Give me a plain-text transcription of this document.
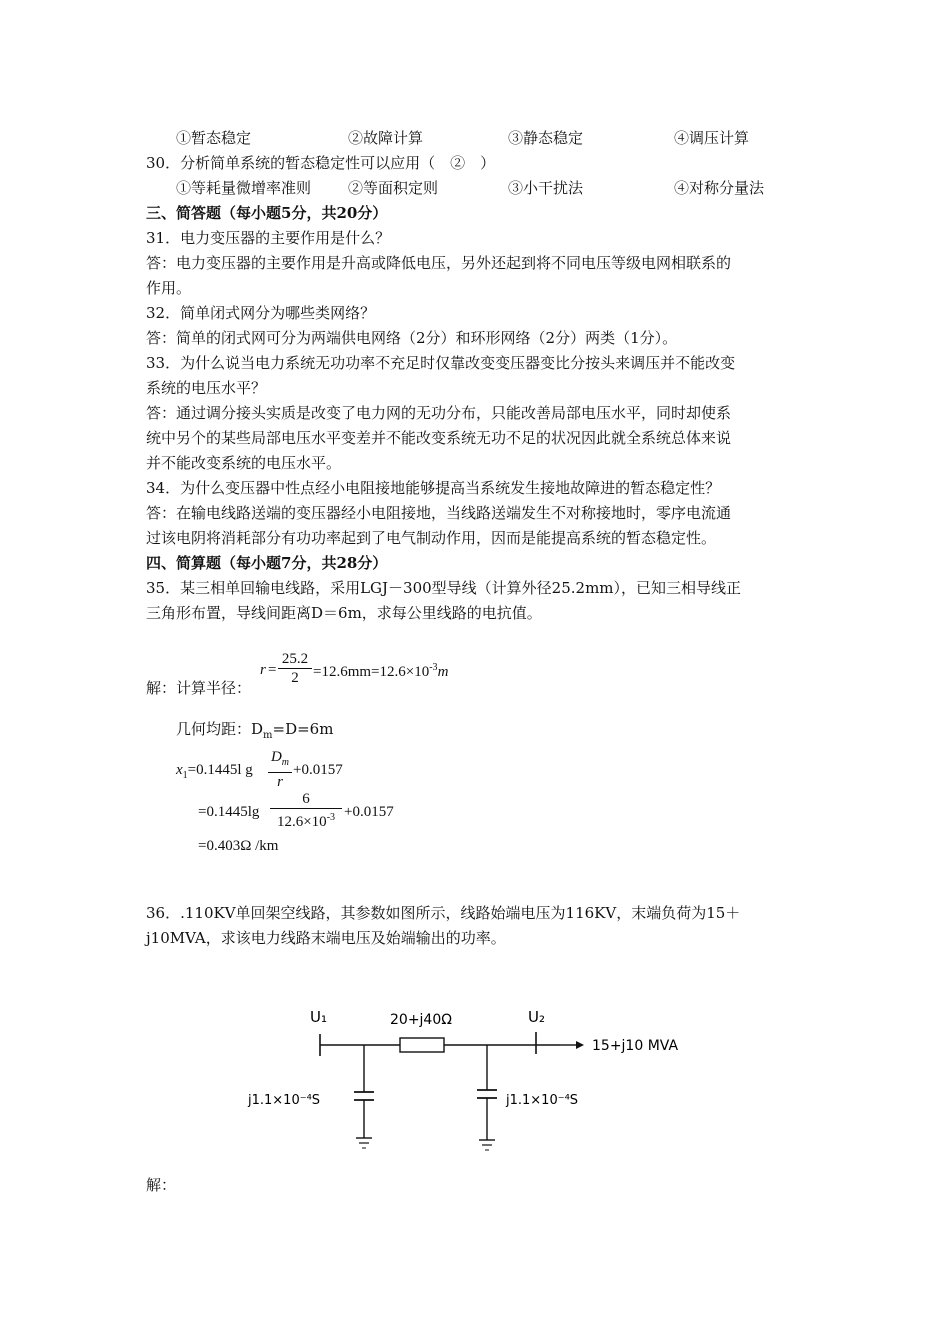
①暂态稳定	②故障计算	③静态稳定	④调压计算
30．分析简单系统的暂态稳定性可以应用（　②　）
①等耗量微增率准则 ②等面积定则	③小干扰法	④对称分量法
三、简答题（每小题5分，共20分）
31．电力变压器的主要作用是什么？
答：电力变压器的主要作用是升高或降低电压，另外还起到将不同电压等级电网相联系的
作用。
32．简单闭式网分为哪些类网络？
答：简单的闭式网可分为两端供电网络（2分）和环形网络（2分）两类（1分）。
33．为什么说当电力系统无功功率不充足时仅靠改变变压器变比分按头来调压并不能改变
系统的电压水平？
答：通过调分接头实质是改变了电力网的无功分布，只能改善局部电压水平，同时却使系
统中另个的某些局部电压水平变差并不能改变系统无功不足的状况因此就全系统总体来说
并不能改变系统的电压水平。
34．为什么变压器中性点经小电阻接地能够提高当系统发生接地故障进的暂态稳定性？
答：在输电线路送端的变压器经小电阻接地，当线路送端发生不对称接地时，零序电流通
过该电阴将消耗部分有功功率起到了电气制动作用，因而是能提高系统的暂态稳定性。
四、简算题（每小题7分，共28分）
35．某三相单回输电线路，采用LGJ－300型导线（计算外径25.2mm），已知三相导线正
三角形布置，导线间距离D＝6m，求每公里线路的电抗值。
解：计算半径：
r =
25.2
$2 =12.6mm=12.6\times 10^{-3}m$
几何均距：$D_m=D=6m$
$x_1=0.1445l$ g
$D_m$
r
+0.0157
=0.1445lg
6
$12.6\times 10^{-3} +0.0157$
=0.403Ω /km
36．.110KV单回架空线路，其参数如图所示，线路始端电压为116KV，末端负荷为15＋
j10MVA，求该电力线路末端电压及始端输出的功率。
U₁	U₂
20+j40Ω
15+j10 MVA
j1.1×10⁻⁴S	j1.1×10⁻⁴S
解：
